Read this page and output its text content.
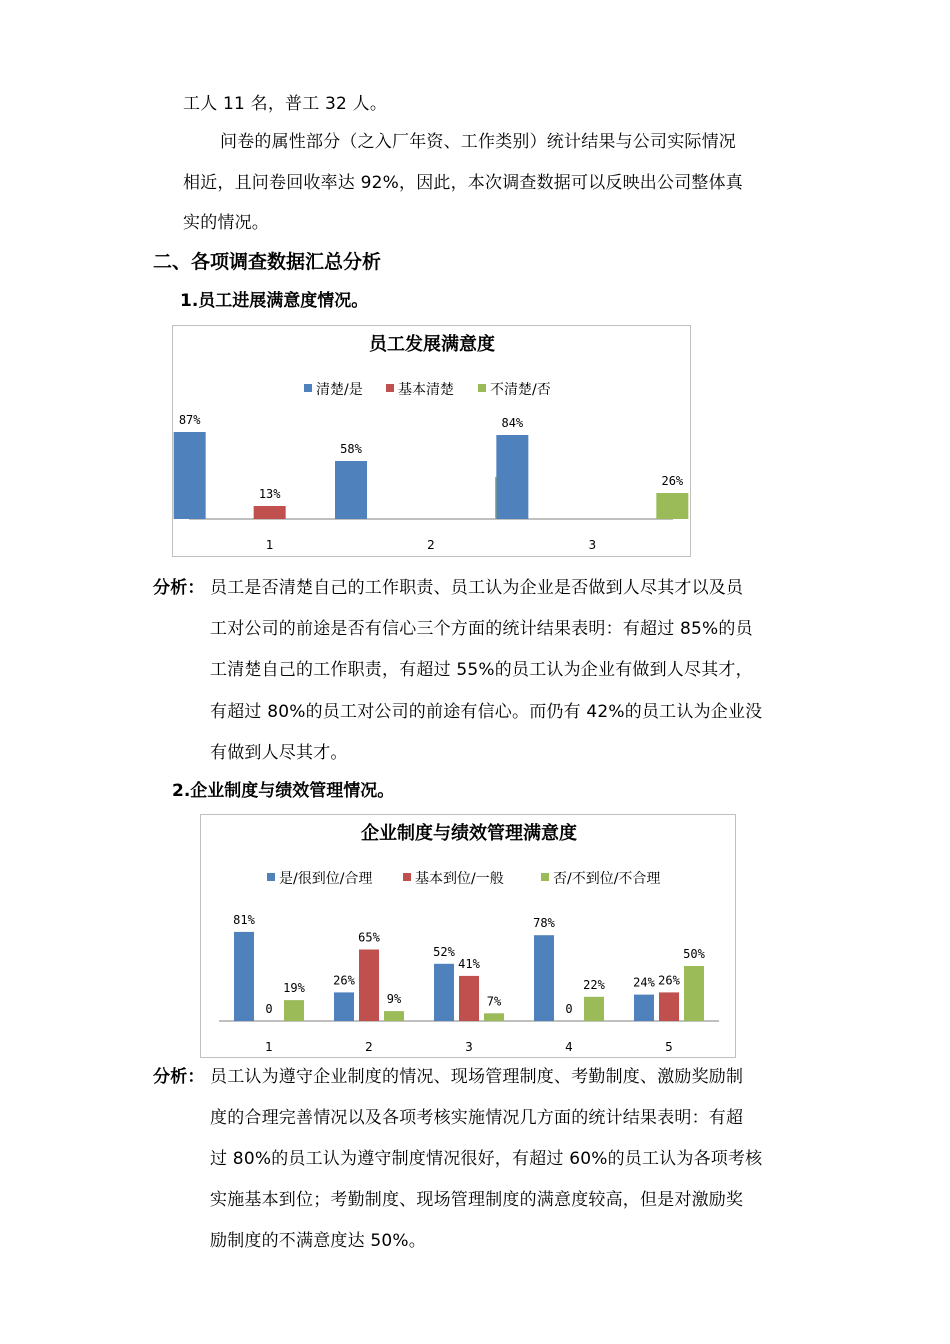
工人 11 名，普工 32 人。
问卷的属性部分（之入厂年资、工作类别）统计结果与公司实际情况
相近，且问卷回收率达 92%，因此，本次调查数据可以反映出公司整体真
实的情况。
二、各项调查数据汇总分析
1.员工进展满意度情况。
员工发展满意度
清楚/是	基本清楚	不清楚/否
87%
13%
1
58%
2
84%
26%
3
分析： 员工是否清楚自己的工作职责、员工认为企业是否做到人尽其才以及员
工对公司的前途是否有信心三个方面的统计结果表明：有超过 85%的员
工清楚自己的工作职责，有超过 55%的员工认为企业有做到人尽其才，
有超过 80%的员工对公司的前途有信心。而仍有 42%的员工认为企业没
有做到人尽其才。
2.企业制度与绩效管理情况。
企业制度与绩效管理满意度
是/很到位/合理	基本到位/一般	否/不到位/不合理
81%
0
19%
1
26%
65%
9%
2
52%
41%
7%
3
78%
0
22%
4
24% 26%
50%
5
分析： 员工认为遵守企业制度的情况、现场管理制度、考勤制度、激励奖励制
度的合理完善情况以及各项考核实施情况几方面的统计结果表明：有超
过 80%的员工认为遵守制度情况很好，有超过 60%的员工认为各项考核
实施基本到位；考勤制度、现场管理制度的满意度较高，但是对激励奖
励制度的不满意度达 50%。
